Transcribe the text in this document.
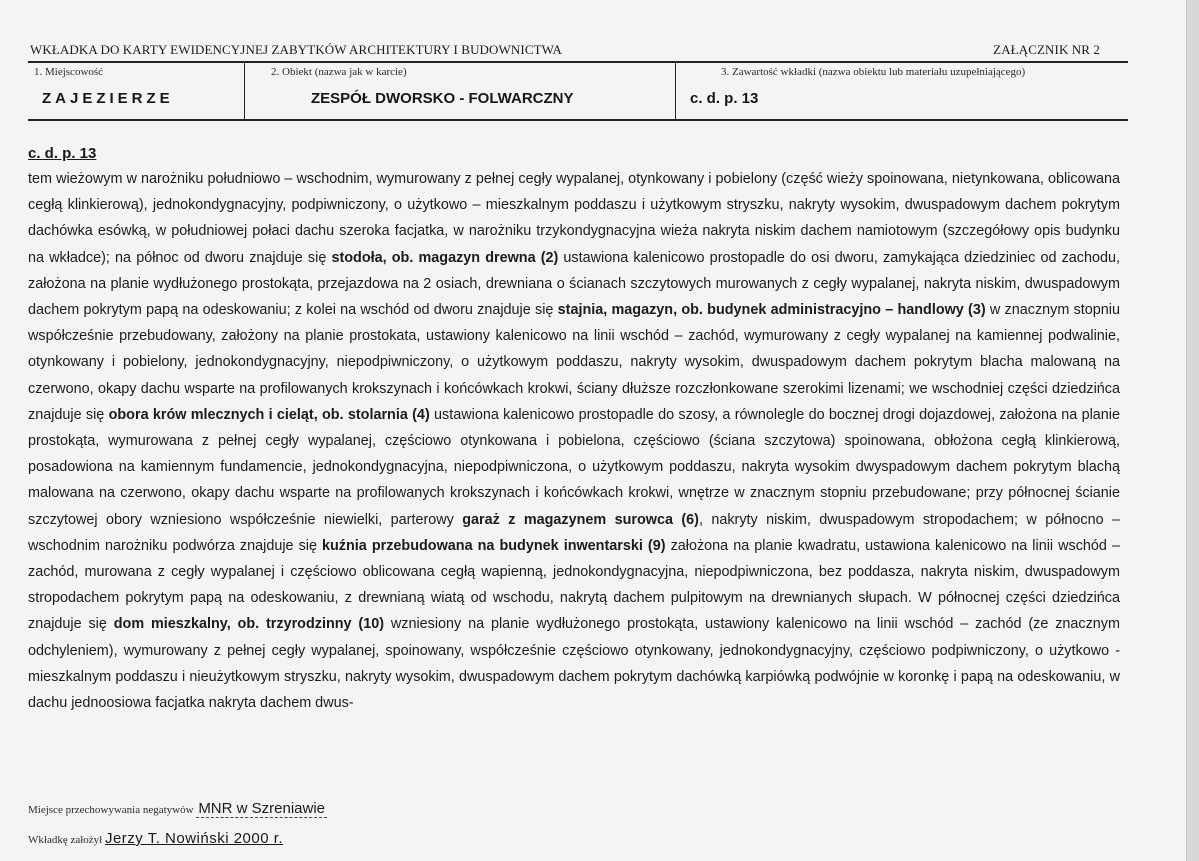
WKŁADKA DO KARTY EWIDENCYJNEJ ZABYTKÓW ARCHITEKTURY I BUDOWNICTWA	ZAŁĄCZNIK NR 2
1. Miejscowość
ZAJEZIERZE
2. Obiekt (nazwa jak w karcie)
ZESPÓŁ DWORSKO - FOLWARCZNY
3. Zawartość wkładki (nazwa obiektu lub materiału uzupełniającego)
c. d. p. 13
c. d. p. 13
tem wieżowym w narożniku południowo – wschodnim, wymurowany z pełnej cegły wypalanej, otynkowany i pobielony (część wieży spoinowana, nietynkowana, oblicowana cegłą klinkierową), jednokondygnacyjny, podpiwniczony, o użytkowo – mieszkalnym poddaszu i użytkowym stryszku, nakryty wysokim, dwuspadowym dachem pokrytym dachówka esówką, w południowej połaci dachu szeroka facjatka, w narożniku trzykondygnacyjna wieża nakryta niskim dachem namiotowym (szczegółowy opis budynku na wkładce); na północ od dworu znajduje się stodoła, ob. magazyn drewna (2) ustawiona kalenicowo prostopadle do osi dworu, zamykająca dziedziniec od zachodu, założona na planie wydłużonego prostokąta, przejazdowa na 2 osiach, drewniana o ścianach szczytowych murowanych z cegły wypalanej, nakryta niskim, dwuspadowym dachem pokrytym papą na odeskowaniu; z kolei na wschód od dworu znajduje się stajnia, magazyn, ob. budynek administracyjno – handlowy (3) w znacznym stopniu współcześnie przebudowany, założony na planie prostokata, ustawiony kalenicowo na linii wschód – zachód, wymurowany z cegły wypalanej na kamiennej podwalinie, otynkowany i pobielony, jednokondygnacyjny, niepodpiwniczony, o użytkowym poddaszu, nakryty wysokim, dwuspadowym dachem pokrytym blacha malowaną na czerwono, okapy dachu wsparte na profilowanych krokszynach i końcówkach krokwi, ściany dłuższe rozczłonkowane szerokimi lizenami; we wschodniej części dziedzińca znajduje się obora krów mlecznych i cieląt, ob. stolarnia (4) ustawiona kalenicowo prostopadle do szosy, a równolegle do bocznej drogi dojazdowej, założona na planie prostokąta, wymurowana z pełnej cegły wypalanej, częściowo otynkowana i pobielona, częściowo (ściana szczytowa) spoinowana, obłożona cegłą klinkierową, posadowiona na kamiennym fundamencie, jednokondygnacyjna, niepodpiwniczona, o użytkowym poddaszu, nakryta wysokim dwyspadowym dachem pokrytym blachą malowana na czerwono, okapy dachu wsparte na profilowanych krokszynach i końcówkach krokwi, wnętrze w znacznym stopniu przebudowane; przy północnej ścianie szczytowej obory wzniesiono współcześnie niewielki, parterowy garaż z magazynem surowca (6), nakryty niskim, dwuspadowym stropodachem; w północno – wschodnim narożniku podwórza znajduje się kuźnia przebudowana na budynek inwentarski (9) założona na planie kwadratu, ustawiona kalenicowo na linii wschód – zachód, murowana z cegły wypalanej i częściowo oblicowana cegłą wapienną, jednokondygnacyjna, niepodpiwniczona, bez poddasza, nakryta niskim, dwuspadowym stropodachem pokrytym papą na odeskowaniu, z drewnianą wiatą od wschodu, nakrytą dachem pulpitowym na drewnianych słupach. W północnej części dziedzińca znajduje się dom mieszkalny, ob. trzyrodzinny (10) wzniesiony na planie wydłużonego prostokąta, ustawiony kalenicowo na linii wschód – zachód (ze znacznym odchyleniem), wymurowany z pełnej cegły wypalanej, spoinowany, współcześnie częściowo otynkowany, jednokondygnacyjny, częściowo podpiwniczony, o użytkowo - mieszkalnym poddaszu i nieużytkowym stryszku, nakryty wysokim, dwuspadowym dachem pokrytym dachówką karpiówką podwójnie w koronkę i papą na odeskowaniu, w dachu jednoosiowa facjatka nakryta dachem dwus-
Miejsce przechowywania negatywów MNR w Szreniawie
Wkładkę założył Jerzy T. Nowiński 2000 r.
